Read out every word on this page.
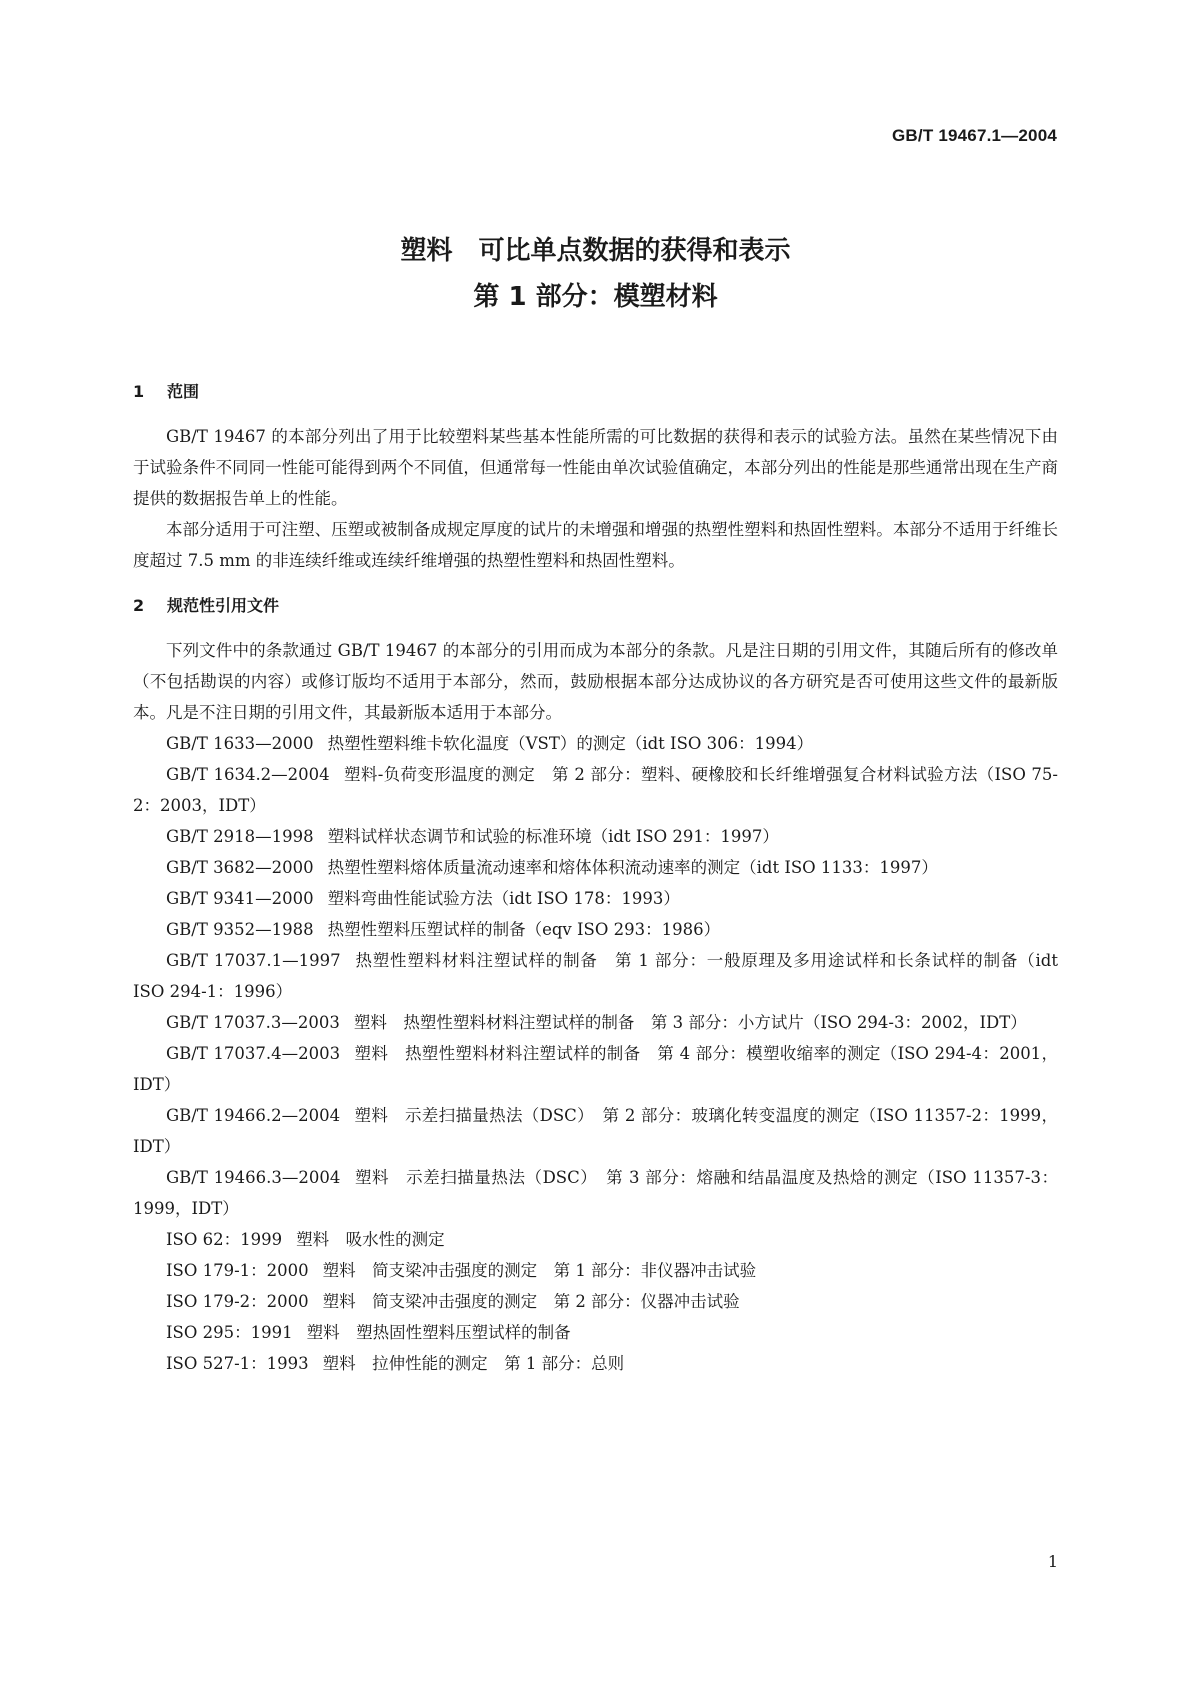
GB/T 19467.1—2004
塑料　可比单点数据的获得和表示
第 1 部分：模塑材料
1 范围

GB/T 19467 的本部分列出了用于比较塑料某些基本性能所需的可比数据的获得和表示的试验方法。虽然在某些情况下由于试验条件不同同一性能可能得到两个不同值，但通常每一性能由单次试验值确定，本部分列出的性能是那些通常出现在生产商提供的数据报告单上的性能。

本部分适用于可注塑、压塑或被制备成规定厚度的试片的未增强和增强的热塑性塑料和热固性塑料。本部分不适用于纤维长度超过 7.5 mm 的非连续纤维或连续纤维增强的热塑性塑料和热固性塑料。

2 规范性引用文件

下列文件中的条款通过 GB/T 19467 的本部分的引用而成为本部分的条款。凡是注日期的引用文件，其随后所有的修改单（不包括勘误的内容）或修订版均不适用于本部分，然而，鼓励根据本部分达成协议的各方研究是否可使用这些文件的最新版本。凡是不注日期的引用文件，其最新版本适用于本部分。

GB/T 1633—2000 热塑性塑料维卡软化温度（VST）的测定（idt ISO 306：1994）

GB/T 1634.2—2004 塑料-负荷变形温度的测定　第 2 部分：塑料、硬橡胶和长纤维增强复合材料试验方法（ISO 75-2：2003，IDT）

GB/T 2918—1998 塑料试样状态调节和试验的标准环境（idt ISO 291：1997）

GB/T 3682—2000 热塑性塑料熔体质量流动速率和熔体体积流动速率的测定（idt ISO 1133：1997）

GB/T 9341—2000 塑料弯曲性能试验方法（idt ISO 178：1993）

GB/T 9352—1988 热塑性塑料压塑试样的制备（eqv ISO 293：1986）

GB/T 17037.1—1997 热塑性塑料材料注塑试样的制备　第 1 部分：一般原理及多用途试样和长条试样的制备（idt ISO 294-1：1996）

GB/T 17037.3—2003 塑料　热塑性塑料材料注塑试样的制备　第 3 部分：小方试片（ISO 294-3：2002，IDT）

GB/T 17037.4—2003 塑料　热塑性塑料材料注塑试样的制备　第 4 部分：模塑收缩率的测定（ISO 294-4：2001，IDT）

GB/T 19466.2—2004 塑料　示差扫描量热法（DSC）　第 2 部分：玻璃化转变温度的测定（ISO 11357-2：1999，IDT）

GB/T 19466.3—2004 塑料　示差扫描量热法（DSC）　第 3 部分：熔融和结晶温度及热焓的测定（ISO 11357-3：1999，IDT）

ISO 62：1999 塑料　吸水性的测定

ISO 179-1：2000 塑料　简支梁冲击强度的测定　第 1 部分：非仪器冲击试验

ISO 179-2：2000 塑料　简支梁冲击强度的测定　第 2 部分：仪器冲击试验

ISO 295：1991 塑料　塑热固性塑料压塑试样的制备

ISO 527-1：1993 塑料　拉伸性能的测定　第 1 部分：总则

1
